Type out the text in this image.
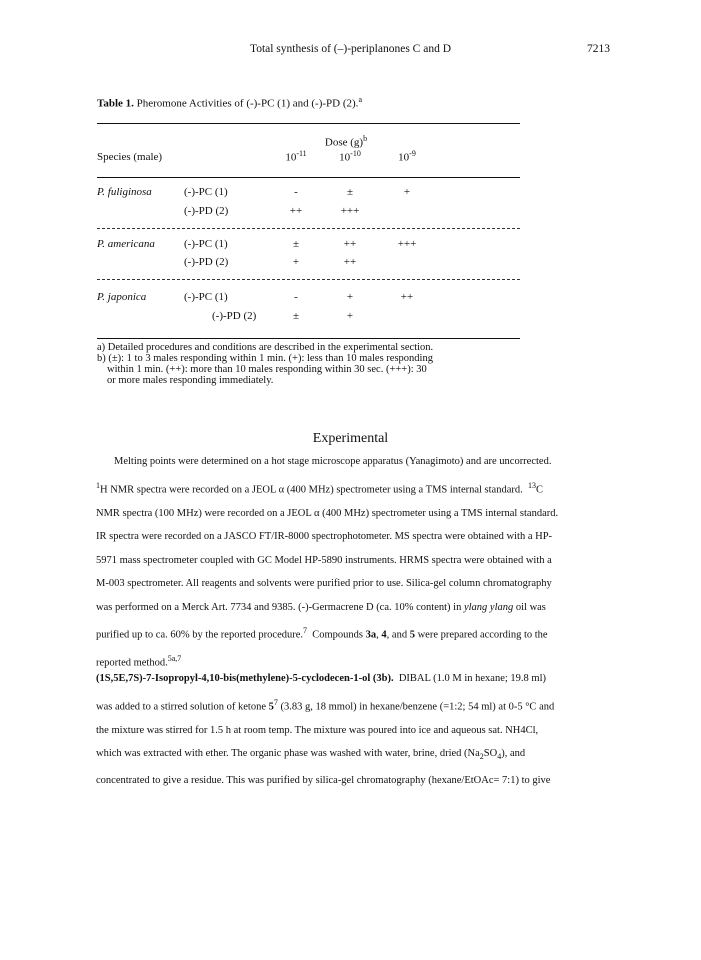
Total synthesis of (–)-periplanones C and D	7213
Table 1. Pheromone Activities of (-)-PC (1) and (-)-PD (2).$^a$
Dose $(g)^b$
Species (male)	$10^{-11}$	$10^{-10}$	$10^{-9}$
P. fuliginosa	(-)-PC (1)	-	±	+
(-)-PD (2)	++	+++
P. americana	(-)-PC (1)	±	++	+++
(-)-PD (2)	+	++
P. japonica	(-)-PC (1)	-	+	++
(-)-PD (2)	±	+
a) Detailed procedures and conditions are described in the experimental section.
b) (±): 1 to 3 males responding within 1 min. (+): less than 10 males responding
within 1 min. (++): more than 10 males responding within 30 sec. (+++): 30
or more males responding immediately.
Experimental
Melting points were determined on a hot stage microscope apparatus (Yanagimoto) and are uncorrected.
$^1$H NMR spectra were recorded on a JEOL α (400 MHz) spectrometer using a TMS internal standard. $^{13}$C
NMR spectra (100 MHz) were recorded on a JEOL α (400 MHz) spectrometer using a TMS internal standard.
IR spectra were recorded on a JASCO FT/IR-8000 spectrophotometer. MS spectra were obtained with a HP-
5971 mass spectrometer coupled with GC Model HP-5890 instruments. HRMS spectra were obtained with a
M-003 spectrometer. All reagents and solvents were purified prior to use. Silica-gel column chromatography
was performed on a Merck Art. 7734 and 9385. (-)-Germacrene D (ca. 10% content) in ylang ylang oil was
purified up to ca. 60% by the reported procedure.$^7$ Compounds 3a, 4, and 5 were prepared according to the
reported method.$^{5a,7}$
(1S,5E,7S)-7-Isopropyl-4,10-bis(methylene)-5-cyclodecen-1-ol (3b). DIBAL (1.0 M in hexane; 19.8 ml)
was added to a stirred solution of ketone $5^7$ (3.83 g, 18 mmol) in hexane/benzene (=1:2; 54 ml) at 0-5 °C and
the mixture was stirred for 1.5 h at room temp. The mixture was poured into ice and aqueous sat. NH4Cl,
which was extracted with ether. The organic phase was washed with water, brine, dried $(Na_2SO_4)$, and
concentrated to give a residue. This was purified by silica-gel chromatography (hexane/EtOAc= 7:1) to give
